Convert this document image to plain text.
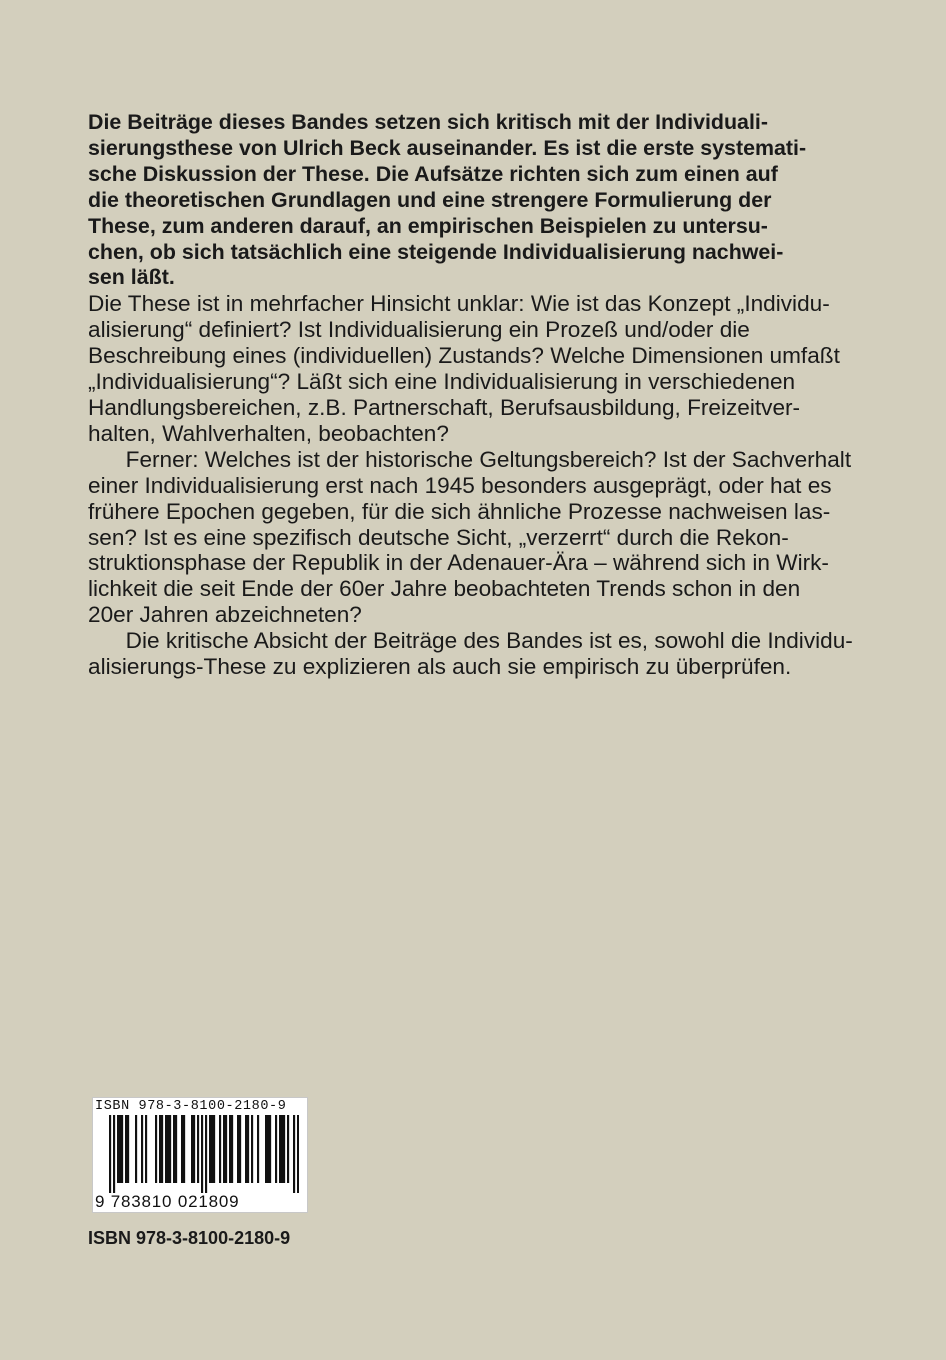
Die Beiträge dieses Bandes setzen sich kritisch mit der Individuali-
sierungsthese von Ulrich Beck auseinander. Es ist die erste systemati-
sche Diskussion der These. Die Aufsätze richten sich zum einen auf
die theoretischen Grundlagen und eine strengere Formulierung der
These, zum anderen darauf, an empirischen Beispielen zu untersu-
chen, ob sich tatsächlich eine steigende Individualisierung nachwei-
sen läßt.
Die These ist in mehrfacher Hinsicht unklar: Wie ist das Konzept „Individu-
alisierung“ definiert? Ist Individualisierung ein Prozeß und/oder die
Beschreibung eines (individuellen) Zustands? Welche Dimensionen umfaßt
„Individualisierung“? Läßt sich eine Individualisierung in verschiedenen
Handlungsbereichen, z.B. Partnerschaft, Berufsausbildung, Freizeitver-
halten, Wahlverhalten, beobachten?
Ferner: Welches ist der historische Geltungsbereich? Ist der Sachverhalt
einer Individualisierung erst nach 1945 besonders ausgeprägt, oder hat es
frühere Epochen gegeben, für die sich ähnliche Prozesse nachweisen las-
sen? Ist es eine spezifisch deutsche Sicht, „verzerrt“ durch die Rekon-
struktionsphase der Republik in der Adenauer-Ära – während sich in Wirk-
lichkeit die seit Ende der 60er Jahre beobachteten Trends schon in den
20er Jahren abzeichneten?
Die kritische Absicht der Beiträge des Bandes ist es, sowohl die Individu-
alisierungs-These zu explizieren als auch sie empirisch zu überprüfen.
ISBN 978-3-8100-2180-9
9 783810 021809
ISBN 978-3-8100-2180-9
